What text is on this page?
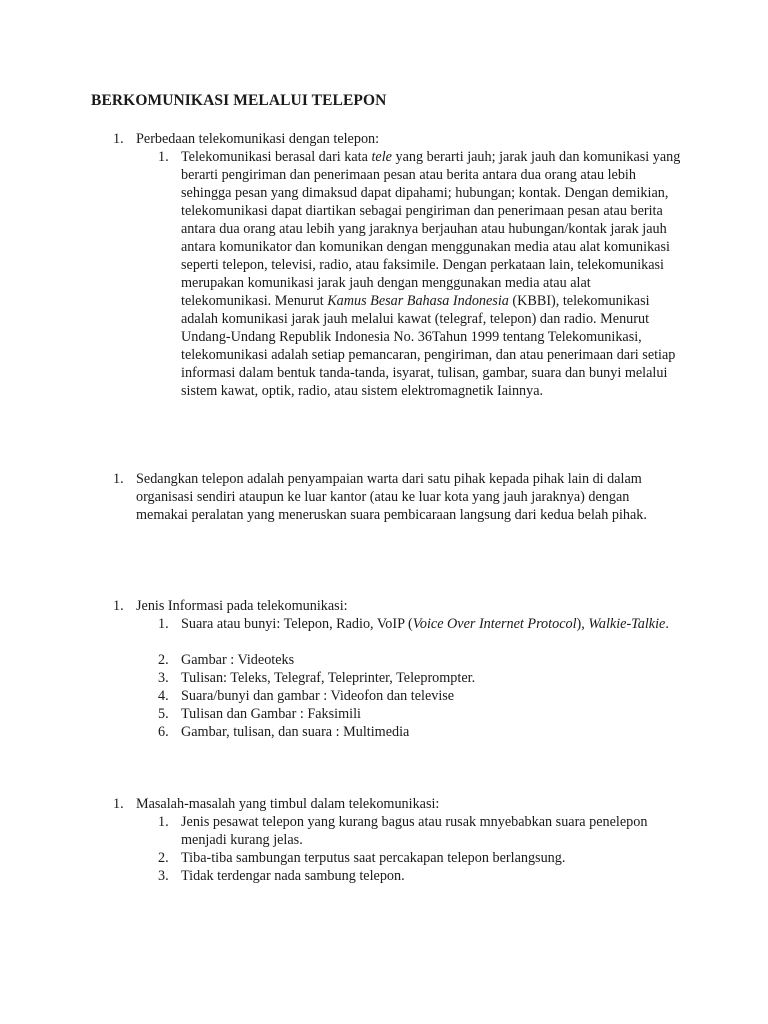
BERKOMUNIKASI MELALUI TELEPON
1. Perbedaan telekomunikasi dengan telepon:
1. Telekomunikasi berasal dari kata tele yang berarti jauh; jarak jauh dan komunikasi yang berarti pengiriman dan penerimaan pesan atau berita antara dua orang atau lebih sehingga pesan yang dimaksud dapat dipahami; hubungan; kontak. Dengan demikian, telekomunikasi dapat diartikan sebagai pengiriman dan penerimaan pesan atau berita antara dua orang atau lebih yang jaraknya berjauhan atau hubungan/kontak jarak jauh antara komunikator dan komunikan dengan menggunakan media atau alat komunikasi seperti telepon, televisi, radio, atau faksimile. Dengan perkataan lain, telekomunikasi merupakan komunikasi jarak jauh dengan menggunakan media atau alat telekomunikasi. Menurut Kamus Besar Bahasa Indonesia (KBBI), telekomunikasi adalah komunikasi jarak jauh melalui kawat (telegraf, telepon) dan radio. Menurut Undang-Undang Republik Indonesia No. 36Tahun 1999 tentang Telekomunikasi, telekomunikasi adalah setiap pemancaran, pengiriman, dan atau penerimaan dari setiap informasi dalam bentuk tanda-tanda, isyarat, tulisan, gambar, suara dan bunyi melalui sistem kawat, optik, radio, atau sistem elektromagnetik Iainnya.
1. Sedangkan telepon adalah penyampaian warta dari satu pihak kepada pihak lain di dalam organisasi sendiri ataupun ke luar kantor (atau ke luar kota yang jauh jaraknya) dengan memakai peralatan yang meneruskan suara pembicaraan langsung dari kedua belah pihak.
1. Jenis Informasi pada telekomunikasi:
1. Suara atau bunyi: Telepon, Radio, VoIP (Voice Over Internet Protocol), Walkie-Talkie.
2. Gambar : Videoteks
3. Tulisan: Teleks, Telegraf, Teleprinter, Teleprompter.
4. Suara/bunyi dan gambar : Videofon dan televise
5. Tulisan dan Gambar : Faksimili
6. Gambar, tulisan, dan suara : Multimedia
1. Masalah-masalah yang timbul dalam telekomunikasi:
1. Jenis pesawat telepon yang kurang bagus atau rusak mnyebabkan suara penelepon menjadi kurang jelas.
2. Tiba-tiba sambungan terputus saat percakapan telepon berlangsung.
3. Tidak terdengar nada sambung telepon.
